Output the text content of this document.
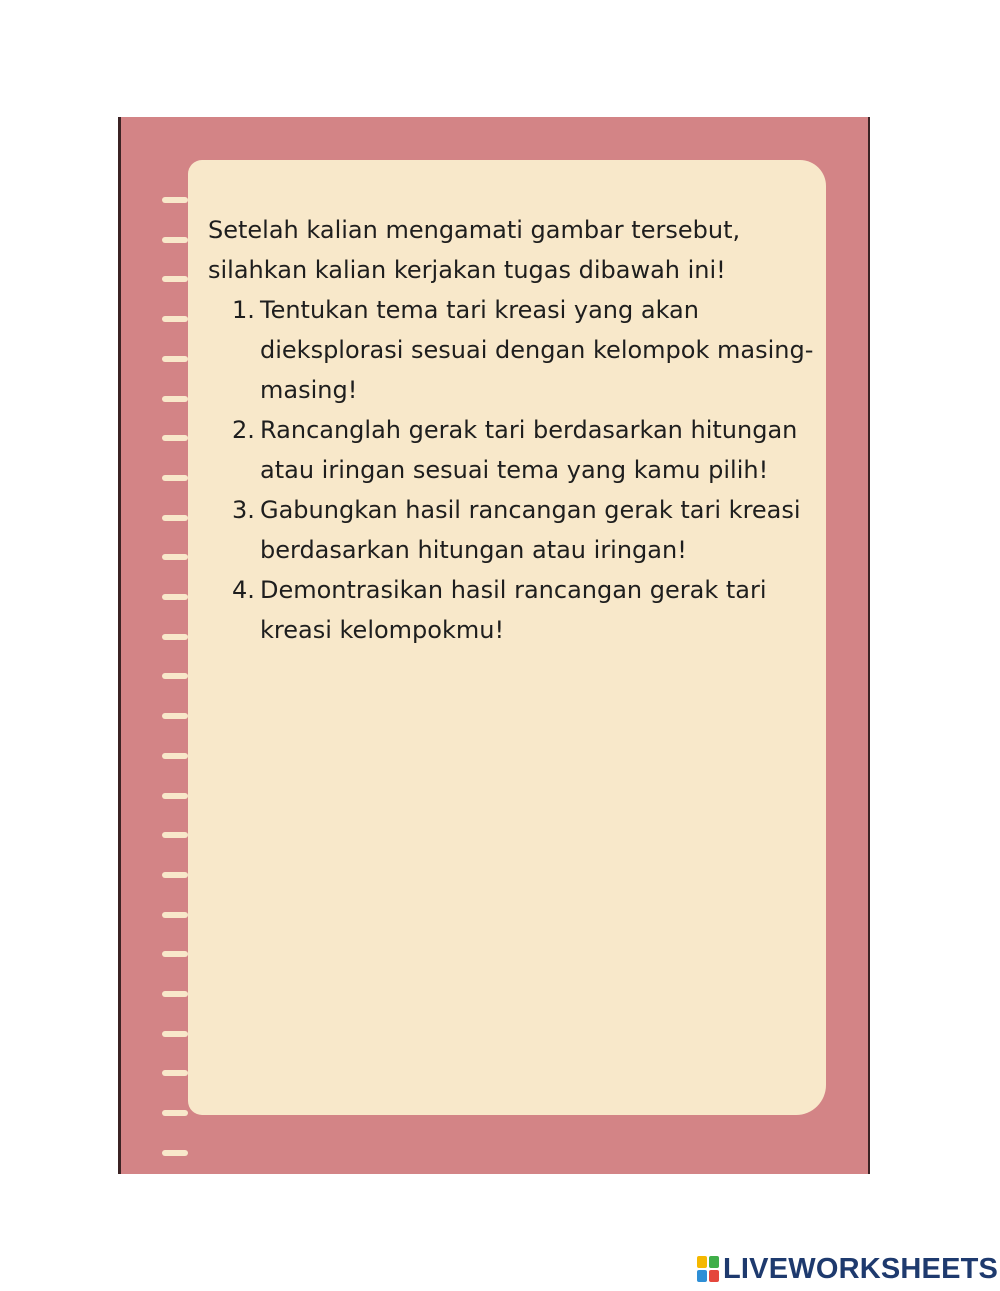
Setelah kalian mengamati gambar tersebut, silahkan kalian kerjakan tugas dibawah ini!

1. Tentukan tema tari kreasi yang akan dieksplorasi sesuai dengan kelompok masing-masing!
2. Rancanglah gerak tari berdasarkan hitungan atau iringan sesuai tema yang kamu pilih!
3. Gabungkan hasil rancangan gerak tari kreasi berdasarkan hitungan atau iringan!
4. Demontrasikan hasil rancangan gerak tari kreasi kelompokmu!
LIVEWORKSHEETS
